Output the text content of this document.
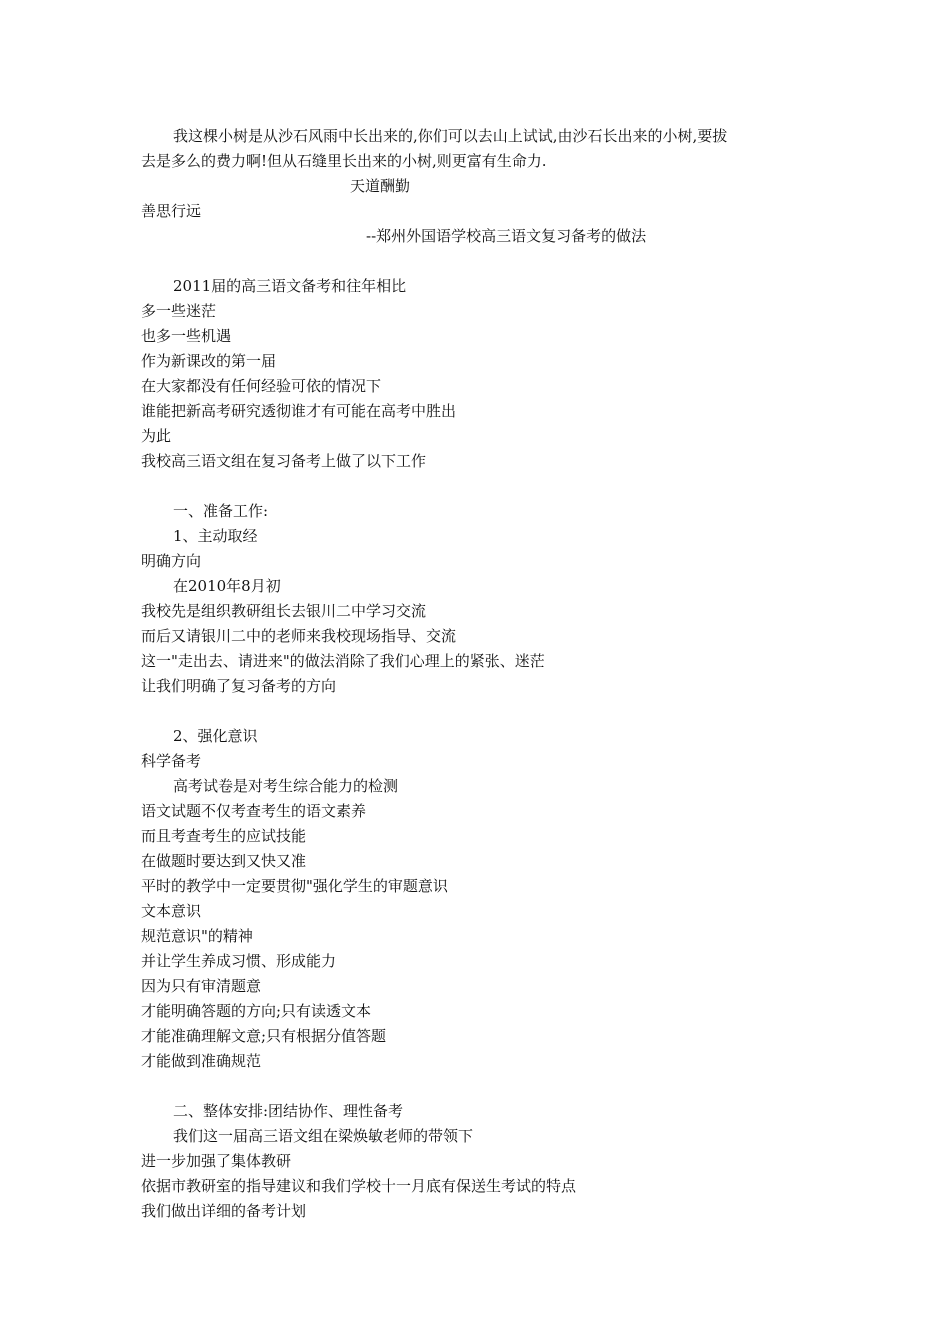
我这棵小树是从沙石风雨中长出来的,你们可以去山上试试,由沙石长出来的小树,要拔
去是多么的费力啊!但从石缝里长出来的小树,则更富有生命力.
天道酬勤
善思行远
--郑州外国语学校高三语文复习备考的做法
2011届的高三语文备考和往年相比
多一些迷茫
也多一些机遇
作为新课改的第一届
在大家都没有任何经验可依的情况下
谁能把新高考研究透彻谁才有可能在高考中胜出
为此
我校高三语文组在复习备考上做了以下工作
一、准备工作:
1、主动取经
明确方向
在2010年8月初
我校先是组织教研组长去银川二中学习交流
而后又请银川二中的老师来我校现场指导、交流
这一"走出去、请进来"的做法消除了我们心理上的紧张、迷茫
让我们明确了复习备考的方向
2、强化意识
科学备考
高考试卷是对考生综合能力的检测
语文试题不仅考查考生的语文素养
而且考查考生的应试技能
在做题时要达到又快又准
平时的教学中一定要贯彻"强化学生的审题意识
文本意识
规范意识"的精神
并让学生养成习惯、形成能力
因为只有审清题意
才能明确答题的方向;只有读透文本
才能准确理解文意;只有根据分值答题
才能做到准确规范
二、整体安排:团结协作、理性备考
我们这一届高三语文组在梁焕敏老师的带领下
进一步加强了集体教研
依据市教研室的指导建议和我们学校十一月底有保送生考试的特点
我们做出详细的备考计划
